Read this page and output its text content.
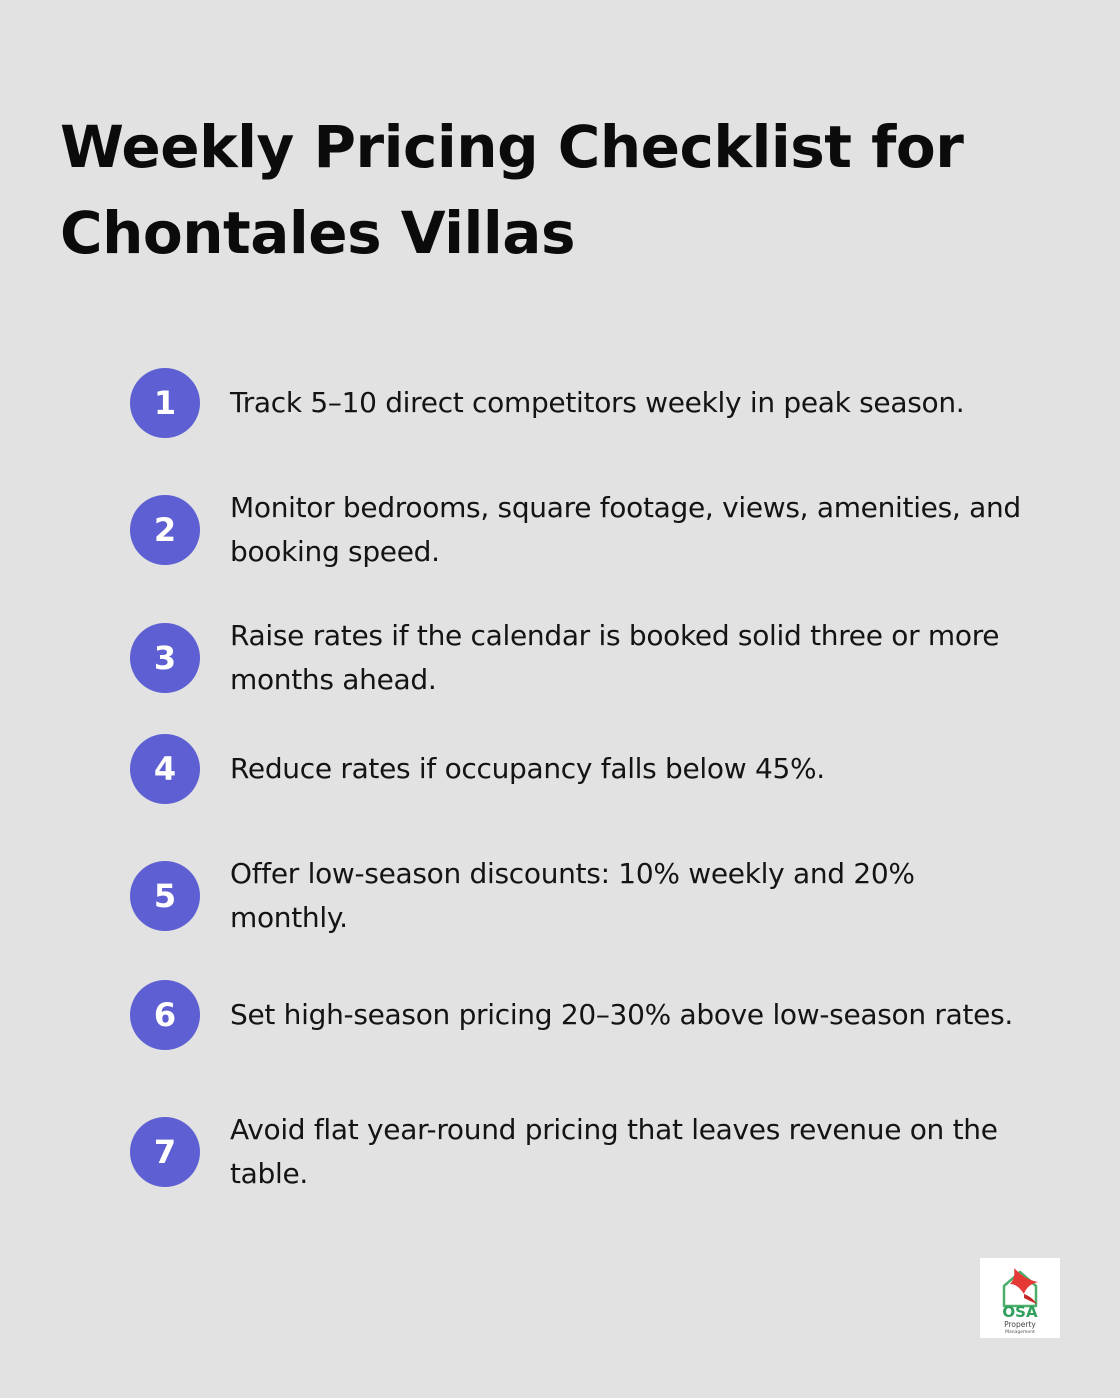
Weekly Pricing Checklist for Chontales Villas
1	Track 5–10 direct competitors weekly in peak season.
2
Monitor bedrooms, square footage, views, amenities, and booking speed.
3
Raise rates if the calendar is booked solid three or more months ahead.
4	Reduce rates if occupancy falls below 45%.
5
Offer low-season discounts: 10% weekly and 20% monthly.
6	Set high-season pricing 20–30% above low-season rates.
7
Avoid flat year-round pricing that leaves revenue on the table.
OSA
Property
Management
